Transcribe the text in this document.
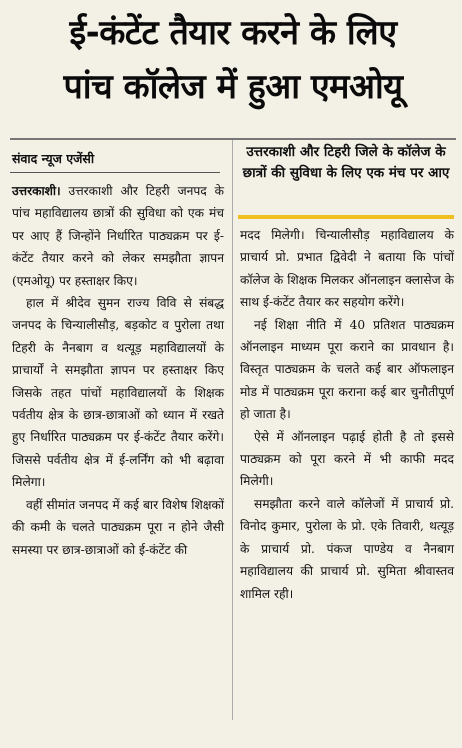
ई-कंटेंट तैयार करने के लिए
पांच कॉलेज में हुआ एमओयू
संवाद न्यूज एजेंसी	उत्तरकाशी और टिहरी जिले के कॉलेज के छात्रों की सुविधा के लिए एक मंच पर आए

उत्तरकाशी। उत्तरकाशी और टिहरी जनपद के पांच महाविद्यालय छात्रों की सुविधा को एक मंच पर आए हैं जिन्होंने निर्धारित पाठ्यक्रम पर ई-कंटेंट तैयार करने को लेकर समझौता ज्ञापन (एमओयू) पर हस्ताक्षर किए।

हाल में श्रीदेव सुमन राज्य विवि से संबद्ध जनपद के चिन्यालीसौड़, बड़कोट व पुरोला तथा टिहरी के नैनबाग व थत्यूड़ महाविद्यालयों के प्राचार्यों ने समझौता ज्ञापन पर हस्ताक्षर किए जिसके तहत पांचों महाविद्यालयों के शिक्षक पर्वतीय क्षेत्र के छात्र-छात्राओं को ध्यान में रखते हुए निर्धारित पाठ्यक्रम पर ई-कंटेंट तैयार करेंगे। जिससे पर्वतीय क्षेत्र में ई-लर्निंग को भी बढ़ावा मिलेगा।

वहीं सीमांत जनपद में कई बार विशेष शिक्षकों की कमी के चलते पाठ्यक्रम पूरा न होने जैसी समस्या पर छात्र-छात्राओं को ई-कंटेंट की

मदद मिलेगी। चिन्यालीसौड़ महाविद्यालय के प्राचार्य प्रो. प्रभात द्विवेदी ने बताया कि पांचों कॉलेज के शिक्षक मिलकर ऑनलाइन क्लासेज के साथ ई-कंटेंट तैयार कर सहयोग करेंगे।

नई शिक्षा नीति में 40 प्रतिशत पाठ्यक्रम ऑनलाइन माध्यम पूरा कराने का प्रावधान है। विस्तृत पाठ्यक्रम के चलते कई बार ऑफलाइन मोड में पाठ्यक्रम पूरा कराना कई बार चुनौतीपूर्ण हो जाता है।

ऐसे में ऑनलाइन पढ़ाई होती है तो इससे पाठ्यक्रम को पूरा करने में भी काफी मदद मिलेगी।

समझौता करने वाले कॉलेजों में प्राचार्य प्रो. विनोद कुमार, पुरोला के प्रो. एके तिवारी, थत्यूड़ के प्राचार्य प्रो. पंकज पाण्डेय व नैनबाग महाविद्यालय की प्राचार्य प्रो. सुमिता श्रीवास्तव शामिल रही।
